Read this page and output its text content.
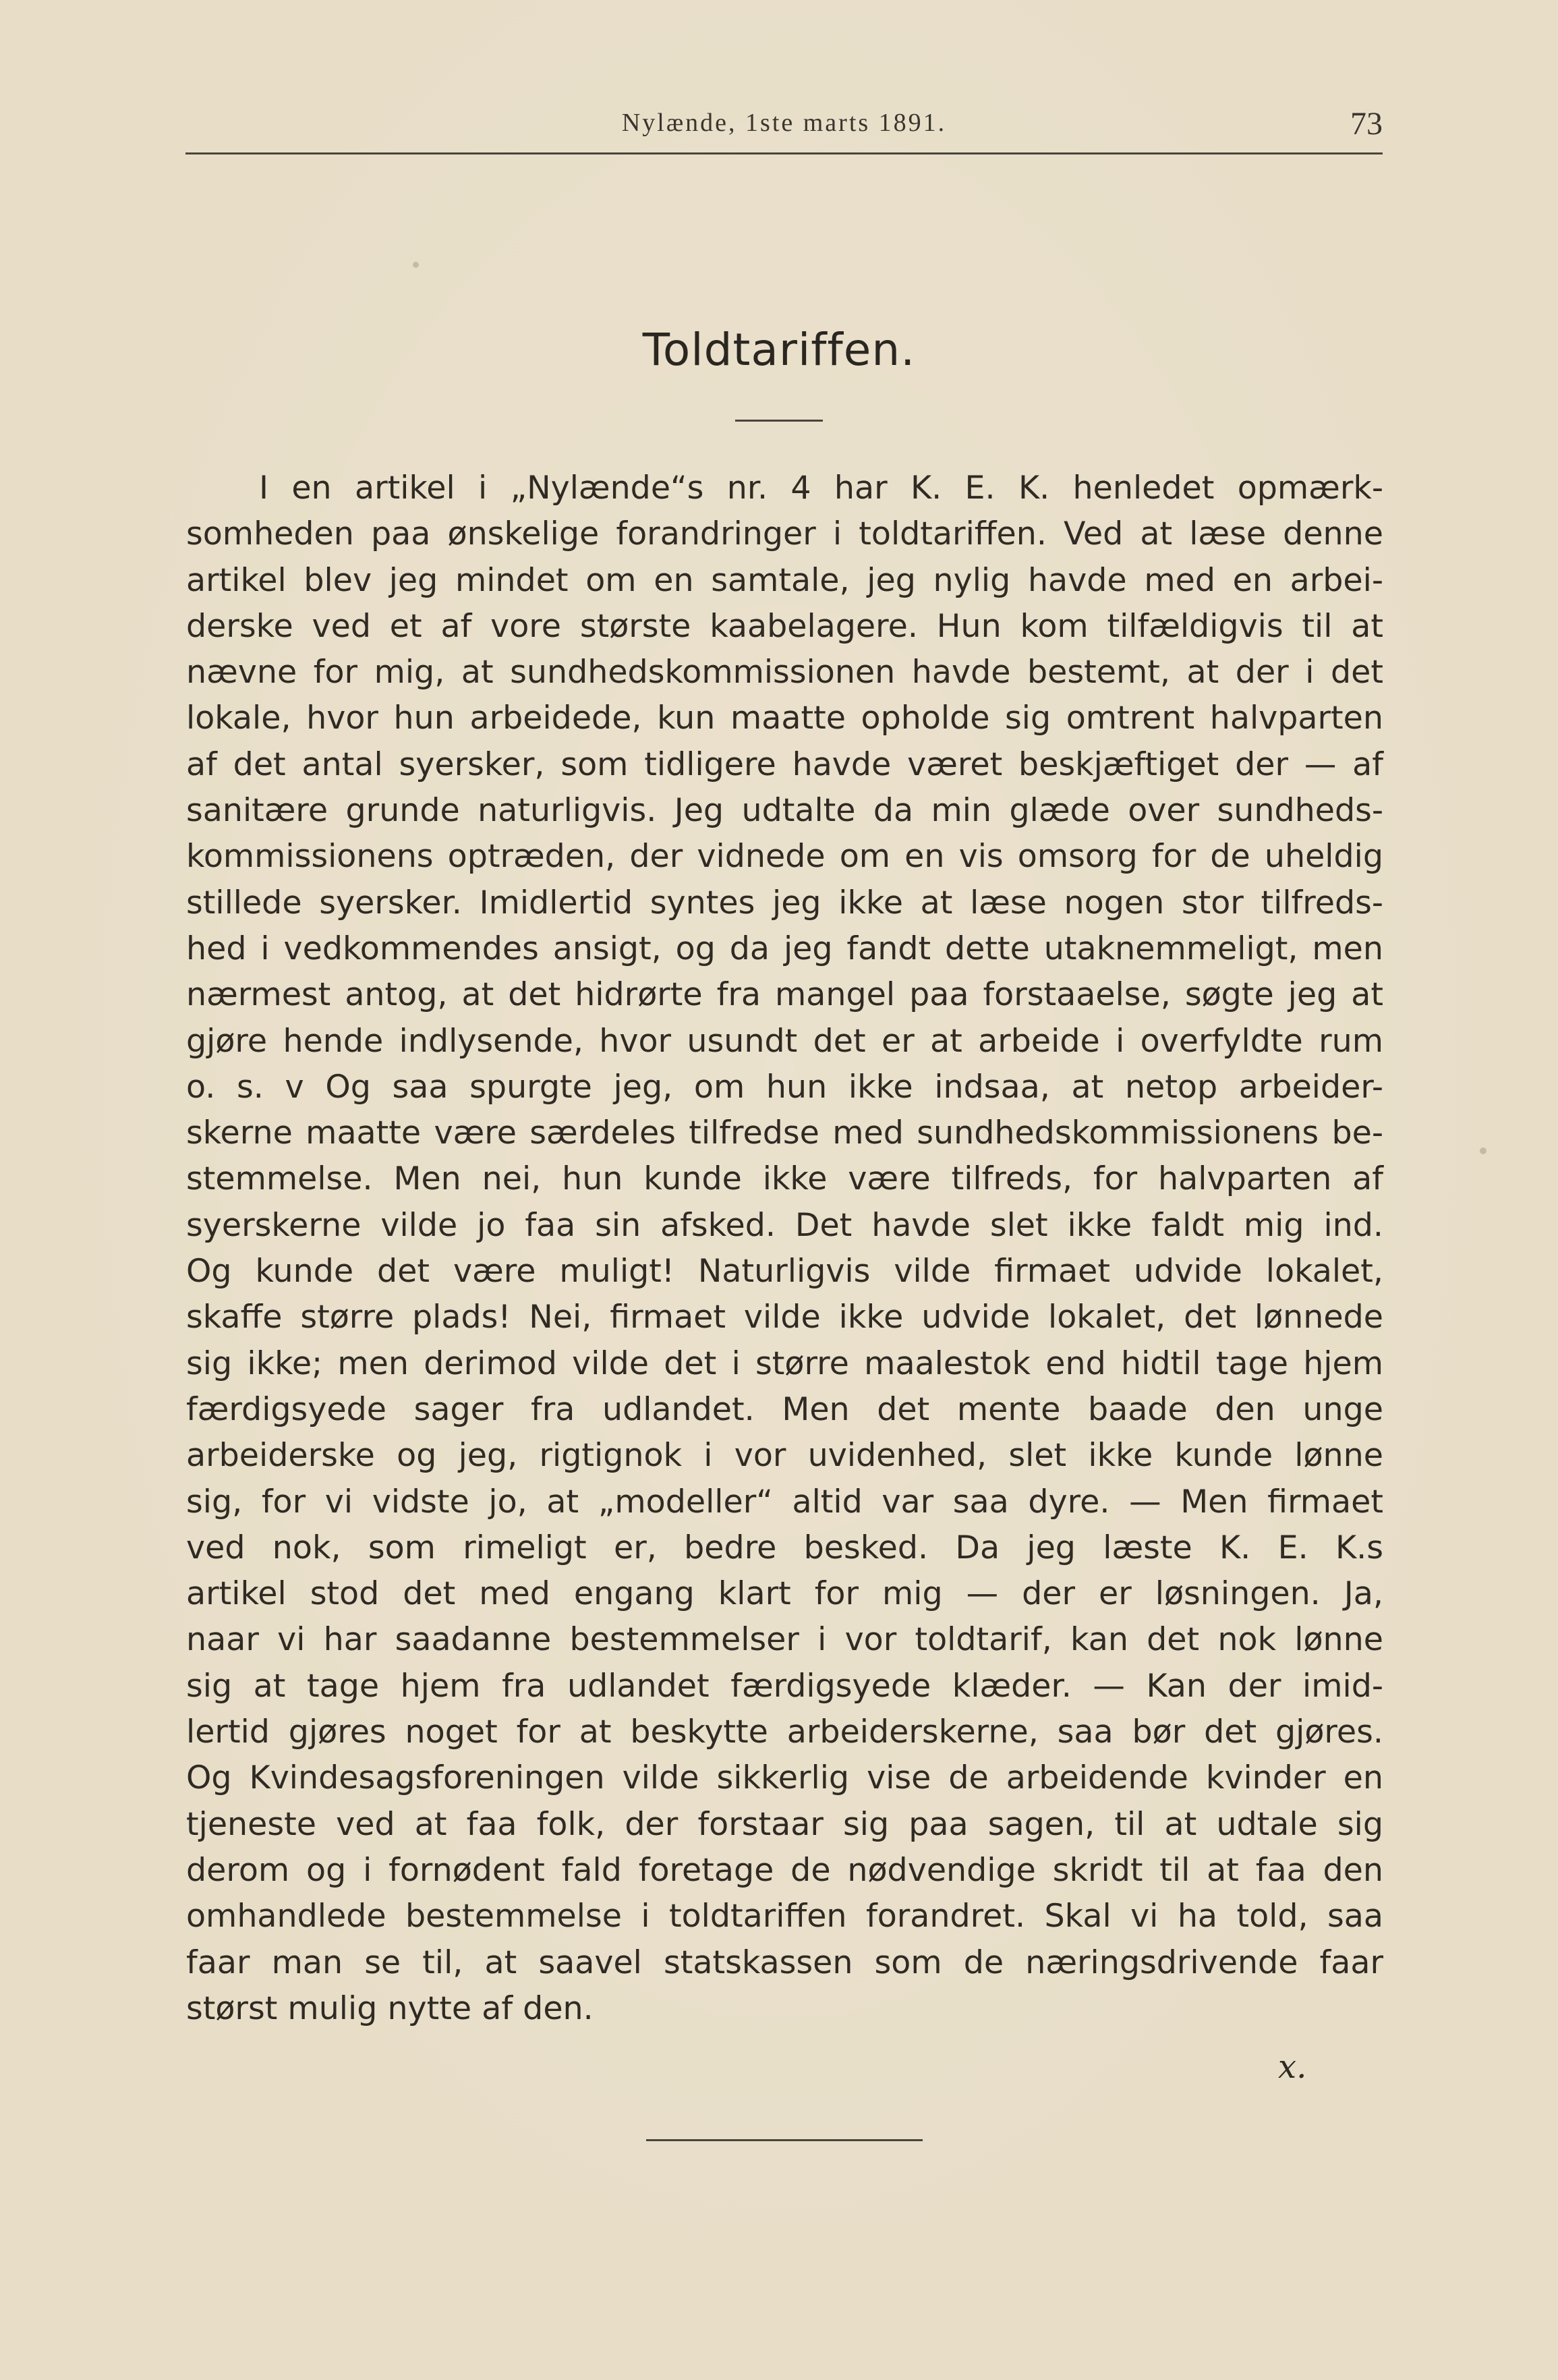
Nylænde, 1ste marts 1891.	73
Toldtariffen.
I en artikel i „Nylænde“s nr. 4 har K. E. K. henledet opmærk-
somheden paa ønskelige forandringer i toldtariffen. Ved at læse denne
artikel blev jeg mindet om en samtale, jeg nylig havde med en arbei-
derske ved et af vore største kaabelagere. Hun kom tilfældigvis til at
nævne for mig, at sundhedskommissionen havde bestemt, at der i det
lokale, hvor hun arbeidede, kun maatte opholde sig omtrent halvparten
af det antal syersker, som tidligere havde været beskjæftiget der — af
sanitære grunde naturligvis. Jeg udtalte da min glæde over sundheds-
kommissionens optræden, der vidnede om en vis omsorg for de uheldig
stillede syersker. Imidlertid syntes jeg ikke at læse nogen stor tilfreds-
hed i vedkommendes ansigt, og da jeg fandt dette utaknemmeligt, men
nærmest antog, at det hidrørte fra mangel paa forstaaelse, søgte jeg at
gjøre hende indlysende, hvor usundt det er at arbeide i overfyldte rum
o. s. v Og saa spurgte jeg, om hun ikke indsaa, at netop arbeider-
skerne maatte være særdeles tilfredse med sundhedskommissionens be-
stemmelse. Men nei, hun kunde ikke være tilfreds, for halvparten af
syerskerne vilde jo faa sin afsked. Det havde slet ikke faldt mig ind.
Og kunde det være muligt! Naturligvis vilde firmaet udvide lokalet,
skaffe større plads! Nei, firmaet vilde ikke udvide lokalet, det lønnede
sig ikke; men derimod vilde det i større maalestok end hidtil tage hjem
færdigsyede sager fra udlandet. Men det mente baade den unge
arbeiderske og jeg, rigtignok i vor uvidenhed, slet ikke kunde lønne
sig, for vi vidste jo, at „modeller“ altid var saa dyre. — Men firmaet
ved nok, som rimeligt er, bedre besked. Da jeg læste K. E. K.s
artikel stod det med engang klart for mig — der er løsningen. Ja,
naar vi har saadanne bestemmelser i vor toldtarif, kan det nok lønne
sig at tage hjem fra udlandet færdigsyede klæder. — Kan der imid-
lertid gjøres noget for at beskytte arbeiderskerne, saa bør det gjøres.
Og Kvindesagsforeningen vilde sikkerlig vise de arbeidende kvinder en
tjeneste ved at faa folk, der forstaar sig paa sagen, til at udtale sig
derom og i fornødent fald foretage de nødvendige skridt til at faa den
omhandlede bestemmelse i toldtariffen forandret. Skal vi ha told, saa
faar man se til, at saavel statskassen som de næringsdrivende faar
størst mulig nytte af den.
x.
